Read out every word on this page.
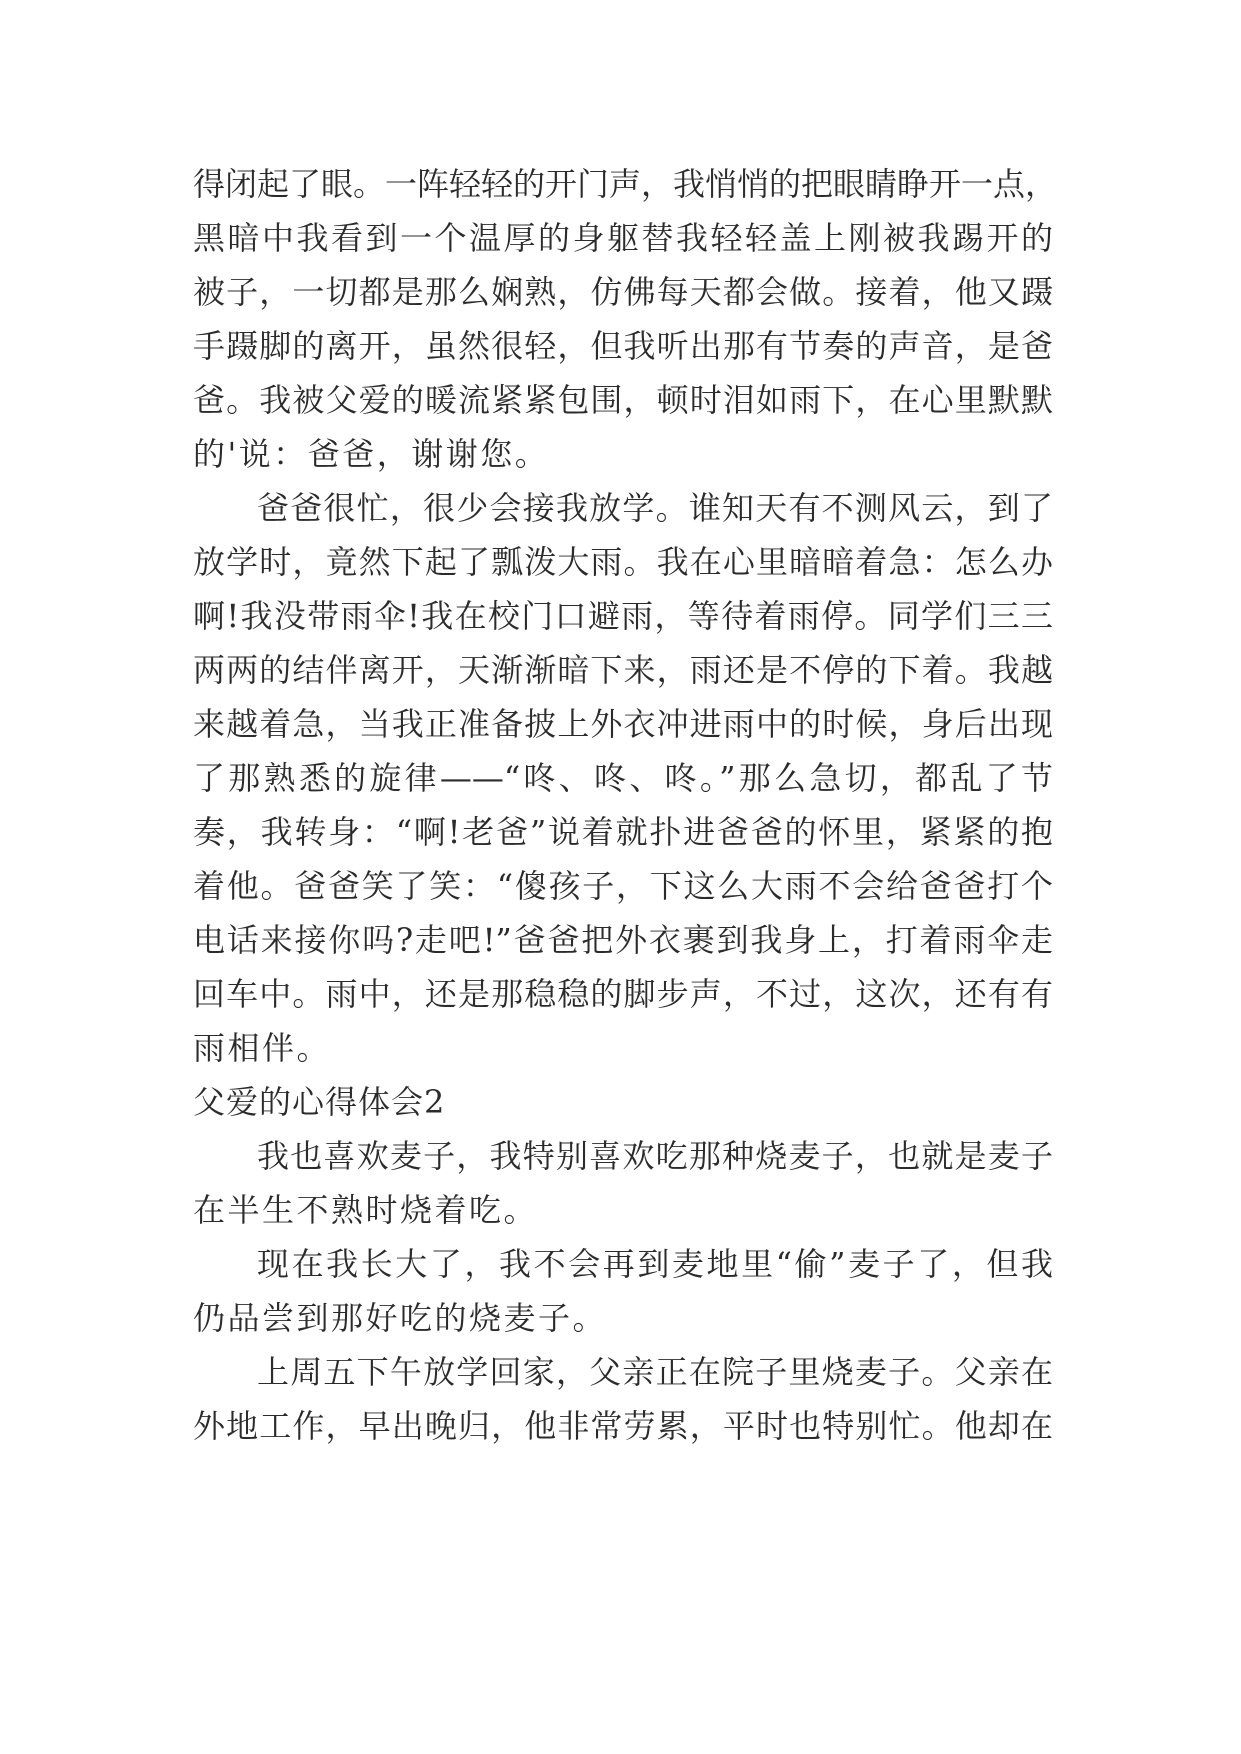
得闭起了眼。一阵轻轻的开门声，我悄悄的把眼睛睁开一点，
黑暗中我看到一个温厚的身躯替我轻轻盖上刚被我踢开的
被子，一切都是那么娴熟，仿佛每天都会做。接着，他又蹑
手蹑脚的离开，虽然很轻，但我听出那有节奏的声音，是爸
爸。我被父爱的暖流紧紧包围，顿时泪如雨下，在心里默默
的'说：爸爸，谢谢您。
爸爸很忙，很少会接我放学。谁知天有不测风云，到了
放学时，竟然下起了瓢泼大雨。我在心里暗暗着急：怎么办
啊!我没带雨伞!我在校门口避雨，等待着雨停。同学们三三
两两的结伴离开，天渐渐暗下来，雨还是不停的下着。我越
来越着急，当我正准备披上外衣冲进雨中的时候，身后出现
了那熟悉的旋律——“咚、咚、咚。”那么急切，都乱了节
奏，我转身：“啊!老爸”说着就扑进爸爸的怀里，紧紧的抱
着他。爸爸笑了笑：“傻孩子，下这么大雨不会给爸爸打个
电话来接你吗?走吧!”爸爸把外衣裹到我身上，打着雨伞走
回车中。雨中，还是那稳稳的脚步声，不过，这次，还有有
雨相伴。
父爱的心得体会2
我也喜欢麦子，我特别喜欢吃那种烧麦子，也就是麦子
在半生不熟时烧着吃。
现在我长大了，我不会再到麦地里“偷”麦子了，但我
仍品尝到那好吃的烧麦子。
上周五下午放学回家，父亲正在院子里烧麦子。父亲在
外地工作，早出晚归，他非常劳累，平时也特别忙。他却在
